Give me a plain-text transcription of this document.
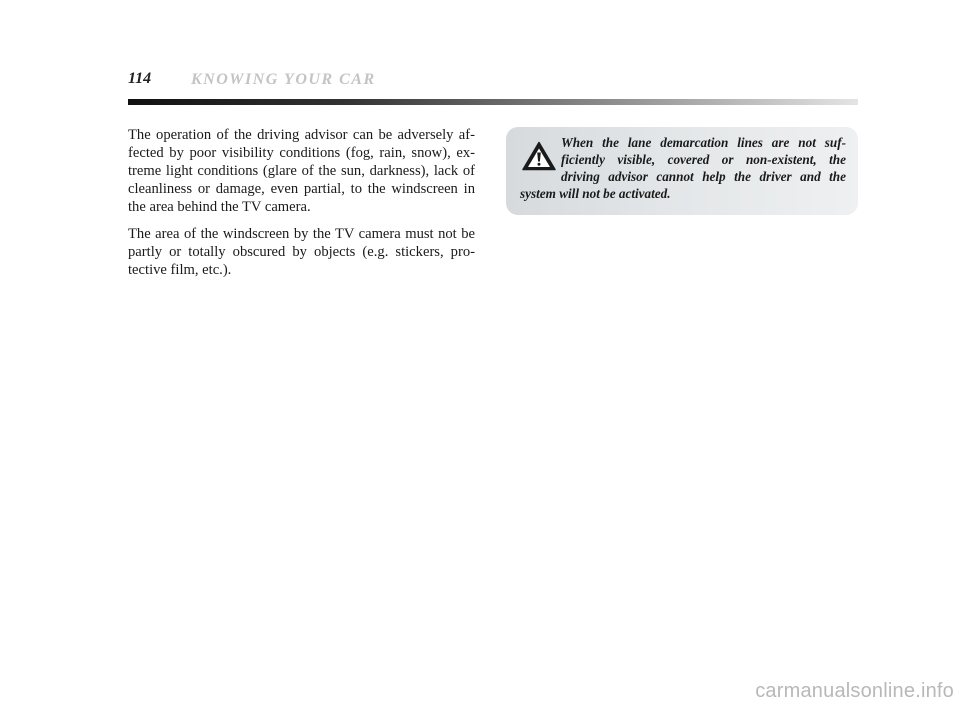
114 KNOWING YOUR CAR

The operation of the driving advisor can be adversely af-fected by poor visibility conditions (fog, rain, snow), ex-treme light conditions (glare of the sun, darkness), lack of cleanliness or damage, even partial, to the windscreen in the area behind the TV camera.

The area of the windscreen by the TV camera must not be partly or totally obscured by objects (e.g. stickers, pro-tective film, etc.).

When the lane demarcation lines are not suf-
ficiently visible, covered or non-existent, the
driving advisor cannot help the driver and the
system will not be activated.
carmanualsonline.info
